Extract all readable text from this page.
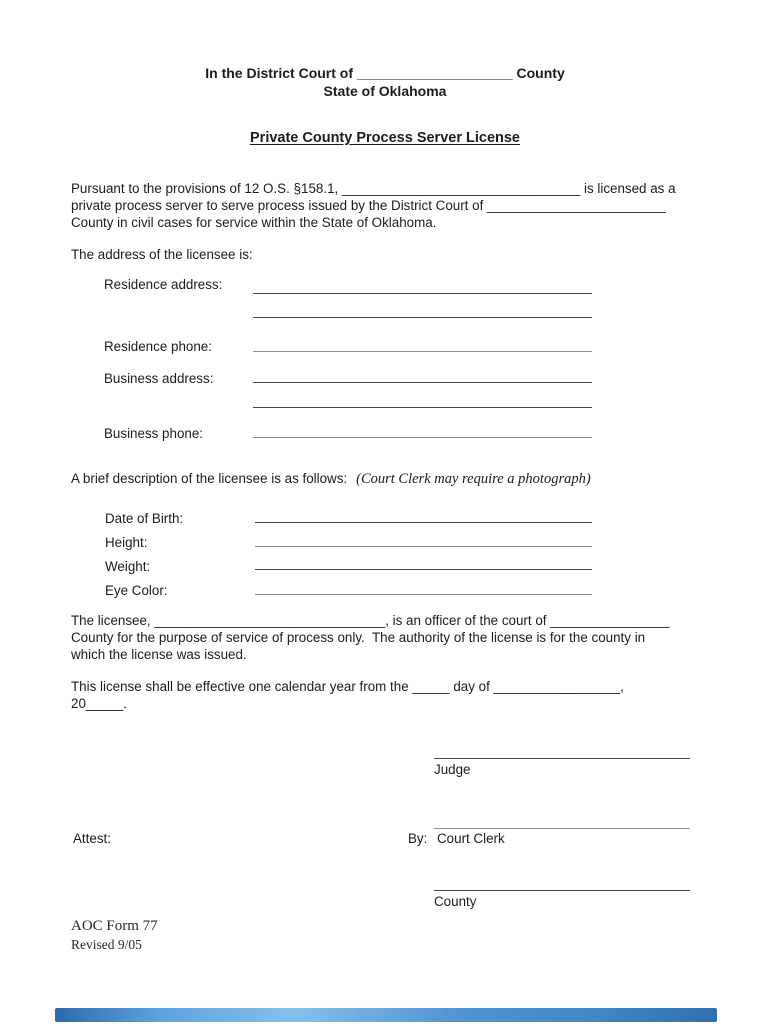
In the District Court of ____________________ County
State of Oklahoma
Private County Process Server License
Pursuant to the provisions of 12 O.S. §158.1, ________________________________ is licensed as a
private process server to serve process issued by the District Court of ________________________
County in civil cases for service within the State of Oklahoma.
The address of the licensee is:
Residence address:
Residence phone:
Business address:
Business phone:
A brief description of the licensee is as follows: (Court Clerk may require a photograph)
Date of Birth:
Height:
Weight:
Eye Color:
The licensee, _______________________________, is an officer of the court of ________________
County for the purpose of service of process only.  The authority of the license is for the county in
which the license was issued.
This license shall be effective one calendar year from the _____ day of _________________,
20_____.
Judge
Attest:	By: Court Clerk
County
AOC Form 77
Revised 9/05
